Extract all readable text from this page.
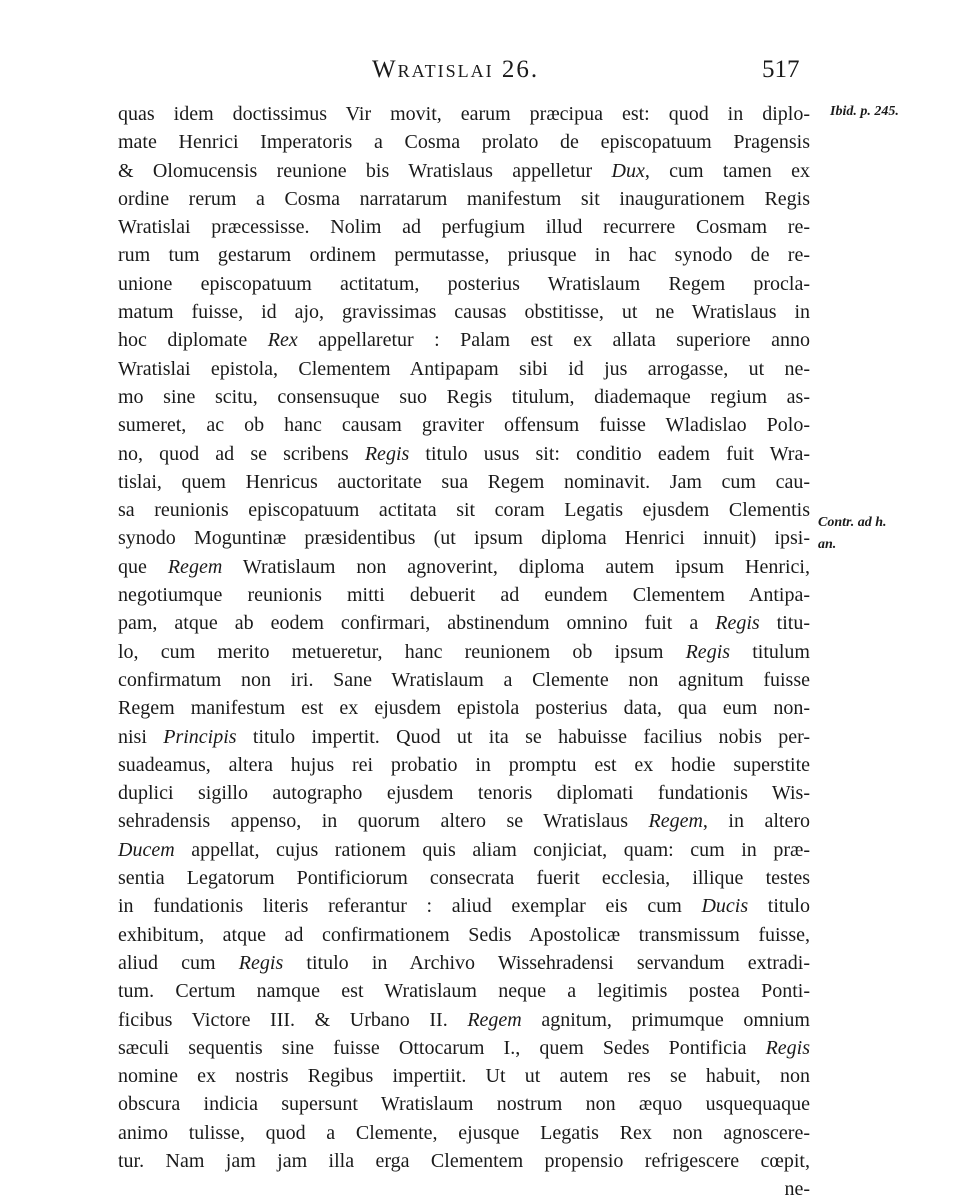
Wratislai 26.	517
Ibid. p. 245.
Contr. ad h.
an.
quas idem doctissimus Vir movit, earum præcipua est: quod in diplo-
mate Henrici Imperatoris a Cosma prolato de episcopatuum Pragensis
& Olomucensis reunione bis Wratislaus appelletur Dux, cum tamen ex
ordine rerum a Cosma narratarum manifestum sit inaugurationem Regis
Wratislai præcessisse. Nolim ad perfugium illud recurrere Cosmam re-
rum tum gestarum ordinem permutasse, priusque in hac synodo de re-
unione episcopatuum actitatum, posterius Wratislaum Regem procla-
matum fuisse, id ajo, gravissimas causas obstitisse, ut ne Wratislaus in
hoc diplomate Rex appellaretur : Palam est ex allata superiore anno
Wratislai epistola, Clementem Antipapam sibi id jus arrogasse, ut ne-
mo sine scitu, consensuque suo Regis titulum, diademaque regium as-
sumeret, ac ob hanc causam graviter offensum fuisse Wladislao Polo-
no, quod ad se scribens Regis titulo usus sit: conditio eadem fuit Wra-
tislai, quem Henricus auctoritate sua Regem nominavit. Jam cum cau-
sa reunionis episcopatuum actitata sit coram Legatis ejusdem Clementis
synodo Moguntinæ præsidentibus (ut ipsum diploma Henrici innuit) ipsi-
que Regem Wratislaum non agnoverint, diploma autem ipsum Henrici,
negotiumque reunionis mitti debuerit ad eundem Clementem Antipa-
pam, atque ab eodem confirmari, abstinendum omnino fuit a Regis titu-
lo, cum merito metueretur, hanc reunionem ob ipsum Regis titulum
confirmatum non iri. Sane Wratislaum a Clemente non agnitum fuisse
Regem manifestum est ex ejusdem epistola posterius data, qua eum non-
nisi Principis titulo impertit. Quod ut ita se habuisse facilius nobis per-
suadeamus, altera hujus rei probatio in promptu est ex hodie superstite
duplici sigillo autographo ejusdem tenoris diplomati fundationis Wis-
sehradensis appenso, in quorum altero se Wratislaus Regem, in altero
Ducem appellat, cujus rationem quis aliam conjiciat, quam: cum in præ-
sentia Legatorum Pontificiorum consecrata fuerit ecclesia, illique testes
in fundationis literis referantur : aliud exemplar eis cum Ducis titulo
exhibitum, atque ad confirmationem Sedis Apostolicæ transmissum fuisse,
aliud cum Regis titulo in Archivo Wissehradensi servandum extradi-
tum. Certum namque est Wratislaum neque a legitimis postea Ponti-
ficibus Victore III. & Urbano II. Regem agnitum, primumque omnium
sæculi sequentis sine fuisse Ottocarum I., quem Sedes Pontificia Regis
nomine ex nostris Regibus impertiit. Ut ut autem res se habuit, non
obscura indicia supersunt Wratislaum nostrum non æquo usquequaque
animo tulisse, quod a Clemente, ejusque Legatis Rex non agnoscere-
tur. Nam jam jam illa erga Clementem propensio refrigescere cœpit,
ne-
